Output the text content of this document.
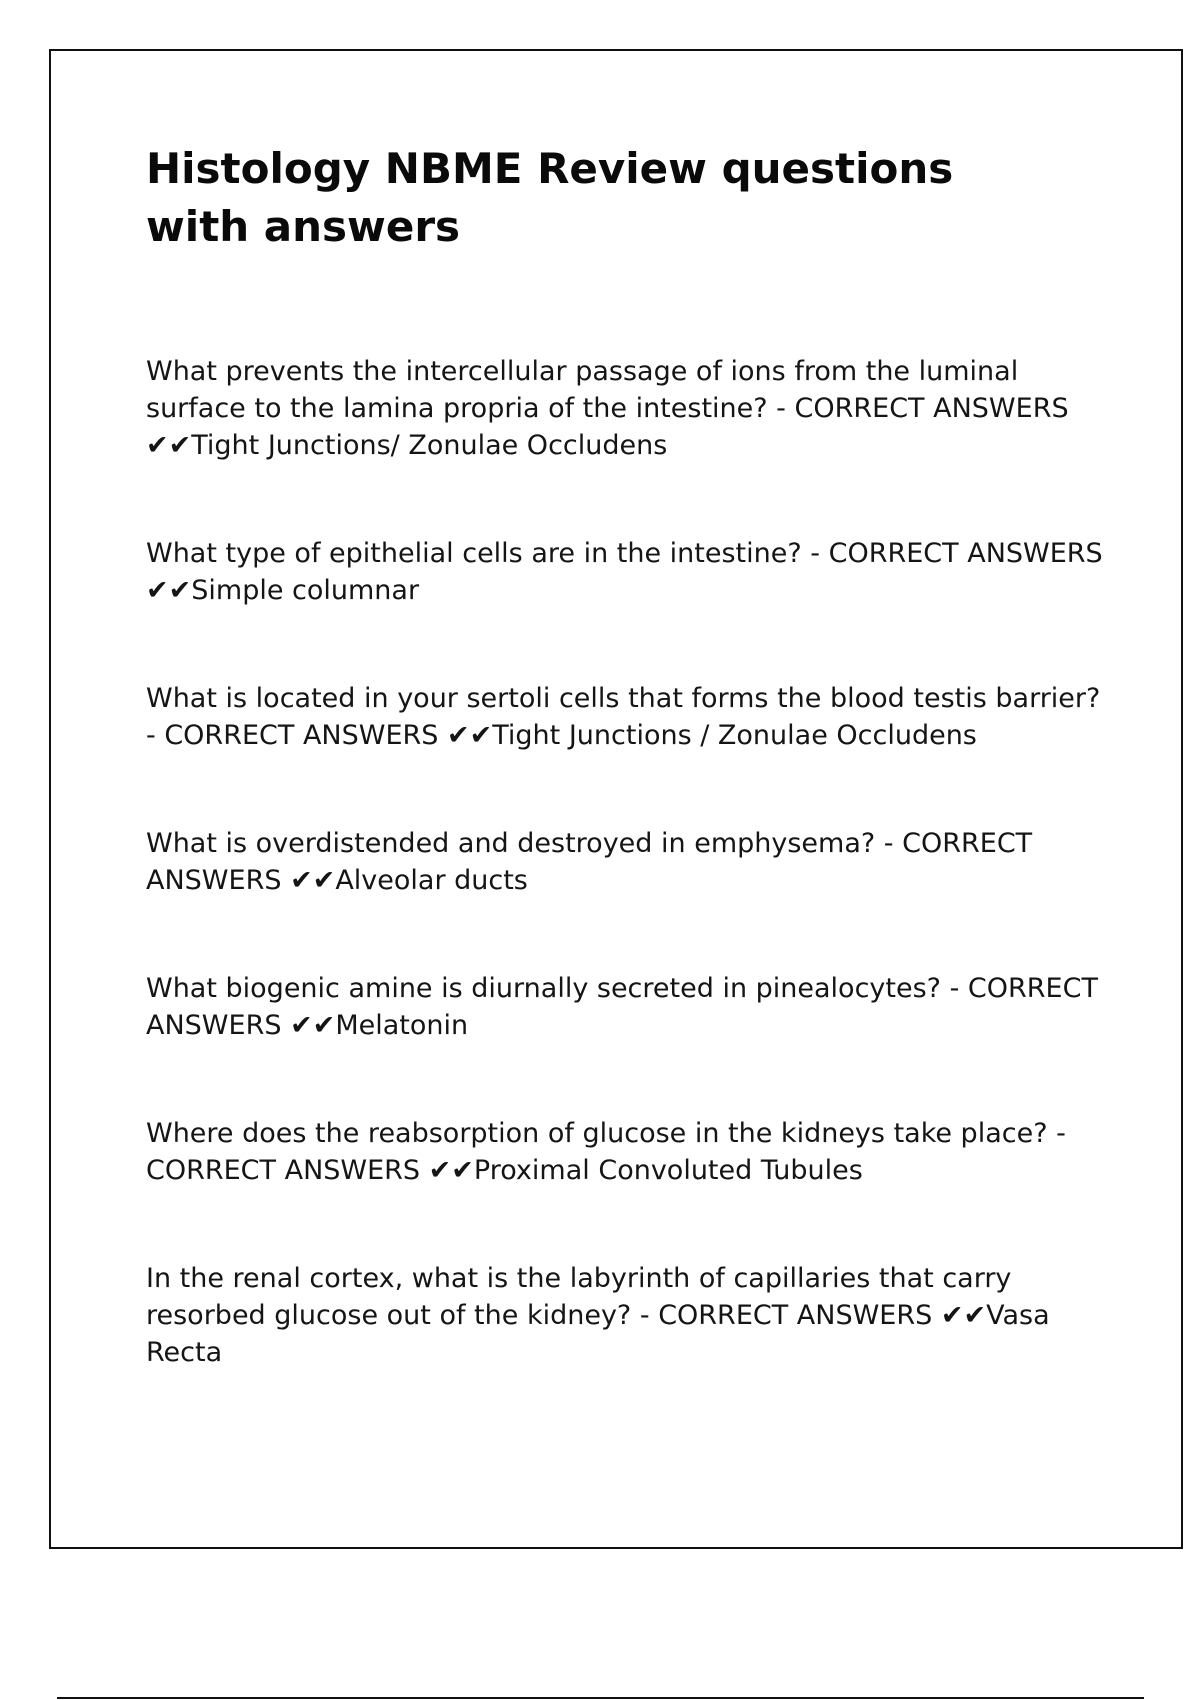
Histology NBME Review questions with answers
What prevents the intercellular passage of ions from the luminal surface to the lamina propria of the intestine? - CORRECT ANSWERS ✔✔Tight Junctions/ Zonulae Occludens
What type of epithelial cells are in the intestine? - CORRECT ANSWERS ✔✔Simple columnar
What is located in your sertoli cells that forms the blood testis barrier? - CORRECT ANSWERS ✔✔Tight Junctions / Zonulae Occludens
What is overdistended and destroyed in emphysema? - CORRECT ANSWERS ✔✔Alveolar ducts
What biogenic amine is diurnally secreted in pinealocytes? - CORRECT ANSWERS ✔✔Melatonin
Where does the reabsorption of glucose in the kidneys take place? - CORRECT ANSWERS ✔✔Proximal Convoluted Tubules
In the renal cortex, what is the labyrinth of capillaries that carry resorbed glucose out of the kidney? - CORRECT ANSWERS ✔✔Vasa Recta
